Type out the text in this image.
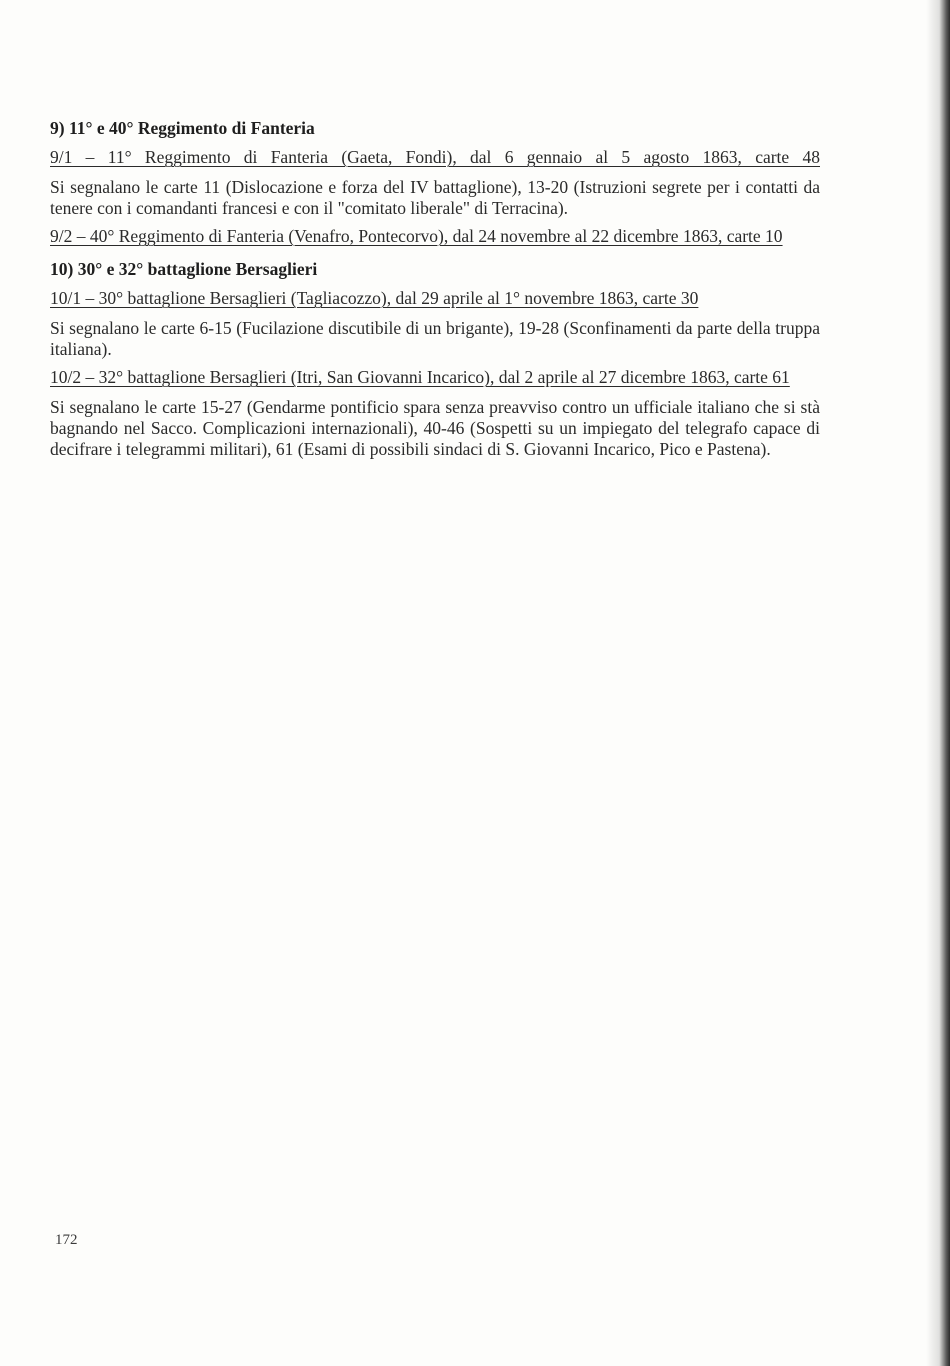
9) 11° e 40° Reggimento di Fanteria
9/1 – 11° Reggimento di Fanteria (Gaeta, Fondi), dal 6 gennaio al 5 agosto 1863, carte 48
Si segnalano le carte 11 (Dislocazione e forza del IV battaglione), 13-20 (Istruzioni segrete per i contatti da tenere con i comandanti francesi e con il "comitato liberale" di Terracina).
9/2 – 40° Reggimento di Fanteria (Venafro, Pontecorvo), dal 24 novembre al 22 dicembre 1863, carte 10
10) 30° e 32° battaglione Bersaglieri
10/1 – 30° battaglione Bersaglieri (Tagliacozzo), dal 29 aprile al 1° novembre 1863, carte 30
Si segnalano le carte 6-15 (Fucilazione discutibile di un brigante), 19-28 (Sconfinamenti da parte della truppa italiana).
10/2 – 32° battaglione Bersaglieri (Itri, San Giovanni Incarico), dal 2 aprile al 27 dicembre 1863, carte 61
Si segnalano le carte 15-27 (Gendarme pontificio spara senza preavviso contro un ufficiale italiano che si stà bagnando nel Sacco. Complicazioni internazionali), 40-46 (Sospetti su un impiegato del telegrafo capace di decifrare i telegrammi militari), 61 (Esami di possibili sindaci di S. Giovanni Incarico, Pico e Pastena).
172
